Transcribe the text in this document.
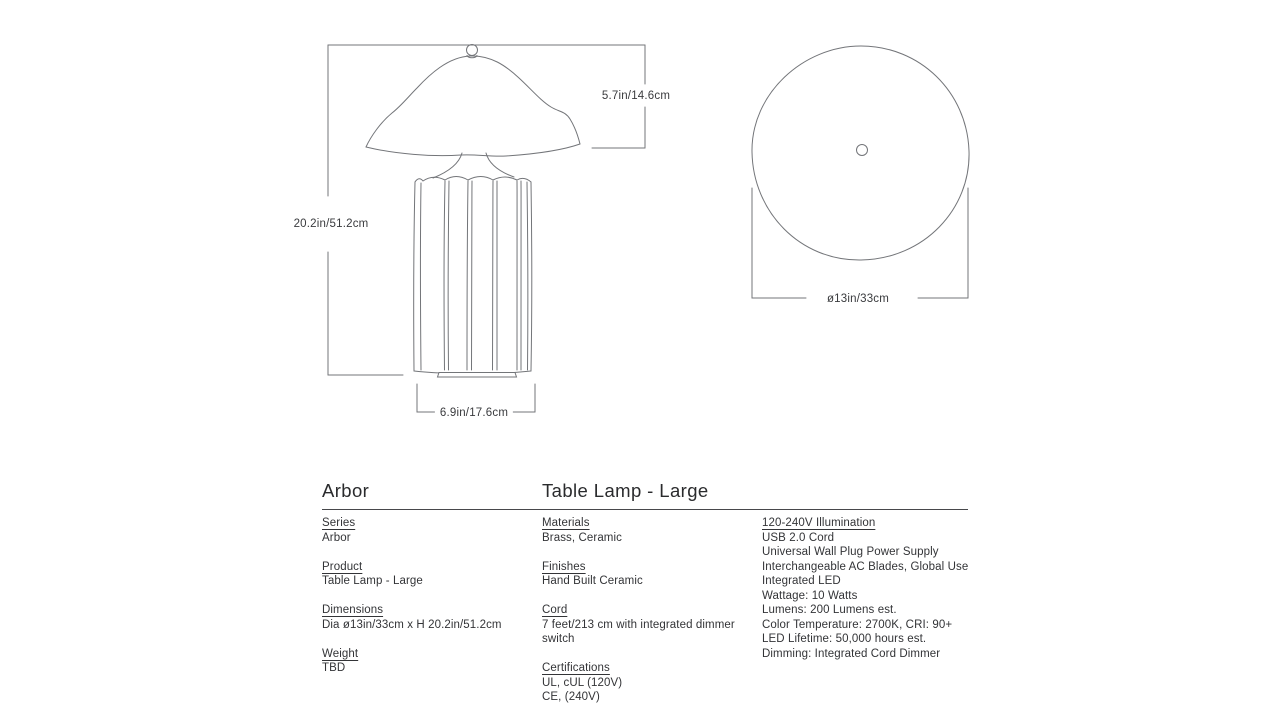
20.2in/51.2cm
5.7in/14.6cm
6.9in/17.6cm
ø13in/33cm
Arbor	Table Lamp - Large
Series
Arbor
Product
Table Lamp - Large
Dimensions
Dia ø13in/33cm x H 20.2in/51.2cm
Weight
TBD
Materials
Brass, Ceramic
Finishes
Hand Built Ceramic
Cord
7 feet/213 cm with integrated dimmer
switch
Certifications
UL, cUL (120V)
CE, (240V)
120-240V Illumination
USB 2.0 Cord
Universal Wall Plug Power Supply
Interchangeable AC Blades, Global Use
Integrated LED
Wattage: 10 Watts
Lumens: 200 Lumens est.
Color Temperature: 2700K, CRI: 90+
LED Lifetime: 50,000 hours est.
Dimming: Integrated Cord Dimmer
